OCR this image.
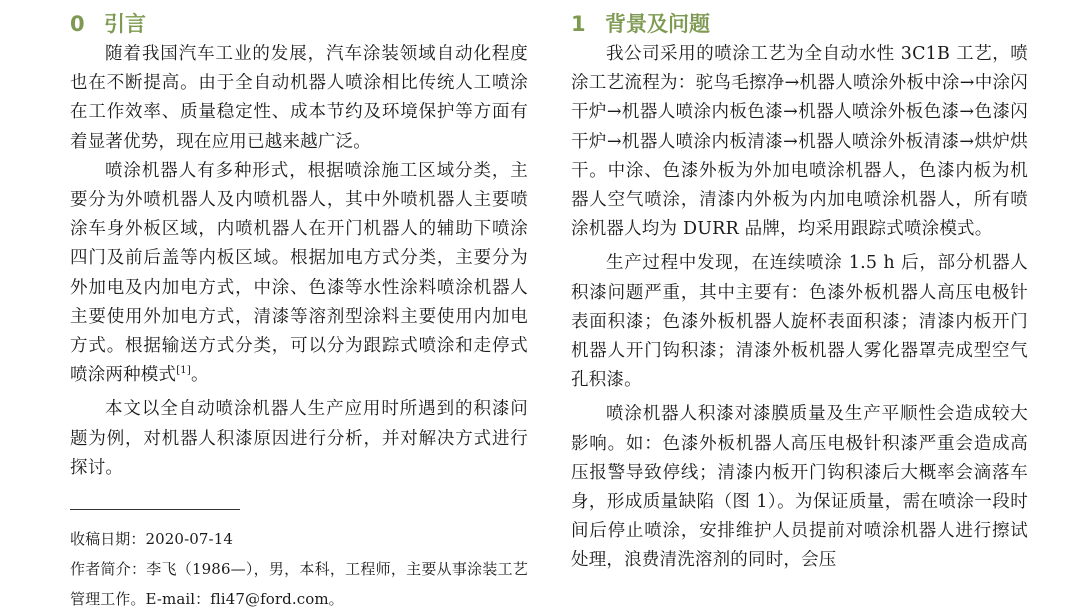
0 引言

随着我国汽车工业的发展，汽车涂装领域自动化程度也在不断提高。由于全自动机器人喷涂相比传统人工喷涂在工作效率、质量稳定性、成本节约及环境保护等方面有着显著优势，现在应用已越来越广泛。

喷涂机器人有多种形式，根据喷涂施工区域分类，主要分为外喷机器人及内喷机器人，其中外喷机器人主要喷涂车身外板区域，内喷机器人在开门机器人的辅助下喷涂四门及前后盖等内板区域。根据加电方式分类，主要分为外加电及内加电方式，中涂、色漆等水性涂料喷涂机器人主要使用外加电方式，清漆等溶剂型涂料主要使用内加电方式。根据输送方式分类，可以分为跟踪式喷涂和走停式喷涂两种模式[1]。

本文以全自动喷涂机器人生产应用时所遇到的积漆问题为例，对机器人积漆原因进行分析，并对解决方式进行探讨。

收稿日期：2020-07-14

作者简介：李飞（1986—），男，本科，工程师，主要从事涂装工艺管理工作。E-mail：fli47@ford.com。

1 背景及问题

我公司采用的喷涂工艺为全自动水性 3C1B 工艺，喷涂工艺流程为：驼鸟毛擦净→机器人喷涂外板中涂→中涂闪干炉→机器人喷涂内板色漆→机器人喷涂外板色漆→色漆闪干炉→机器人喷涂内板清漆→机器人喷涂外板清漆→烘炉烘干。中涂、色漆外板为外加电喷涂机器人，色漆内板为机器人空气喷涂，清漆内外板为内加电喷涂机器人，所有喷涂机器人均为 DURR 品牌，均采用跟踪式喷涂模式。

生产过程中发现，在连续喷涂 1.5 h 后，部分机器人积漆问题严重，其中主要有：色漆外板机器人高压电极针表面积漆；色漆外板机器人旋杯表面积漆；清漆内板开门机器人开门钩积漆；清漆外板机器人雾化器罩壳成型空气孔积漆。

喷涂机器人积漆对漆膜质量及生产平顺性会造成较大影响。如：色漆外板机器人高压电极针积漆严重会造成高压报警导致停线；清漆内板开门钩积漆后大概率会滴落车身，形成质量缺陷（图 1）。为保证质量，需在喷涂一段时间后停止喷涂，安排维护人员提前对喷涂机器人进行擦试处理，浪费清洗溶剂的同时，会压
